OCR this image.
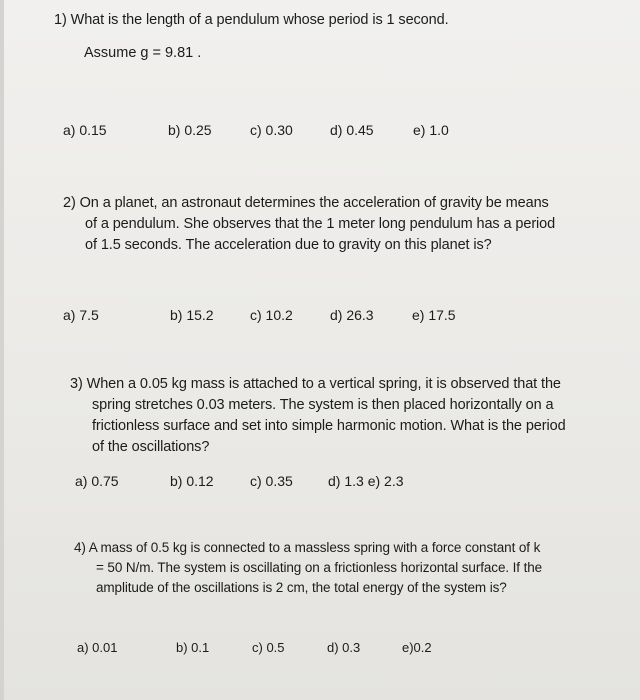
1) What is the length of a pendulum whose period is 1 second.
Assume g = 9.81 .
a) 0.15	b) 0.25	c) 0.30	d) 0.45	e) 1.0
2) On a planet, an astronaut determines the acceleration of gravity be means
of a pendulum. She observes that the 1 meter long pendulum has a period
of 1.5 seconds. The acceleration due to gravity on this planet is?
a) 7.5	b) 15.2	c) 10.2	d) 26.3	e) 17.5
3) When a 0.05 kg mass is attached to a vertical spring, it is observed that the
spring stretches 0.03 meters. The system is then placed horizontally on a
frictionless surface and set into simple harmonic motion. What is the period
of the oscillations?
a) 0.75	b) 0.12	c) 0.35	d) 1.3 e) 2.3
4) A mass of 0.5 kg is connected to a massless spring with a force constant of k
= 50 N/m. The system is oscillating on a frictionless horizontal surface. If the
amplitude of the oscillations is 2 cm, the total energy of the system is?
a) 0.01	b) 0.1	c) 0.5	d) 0.3	e)0.2
